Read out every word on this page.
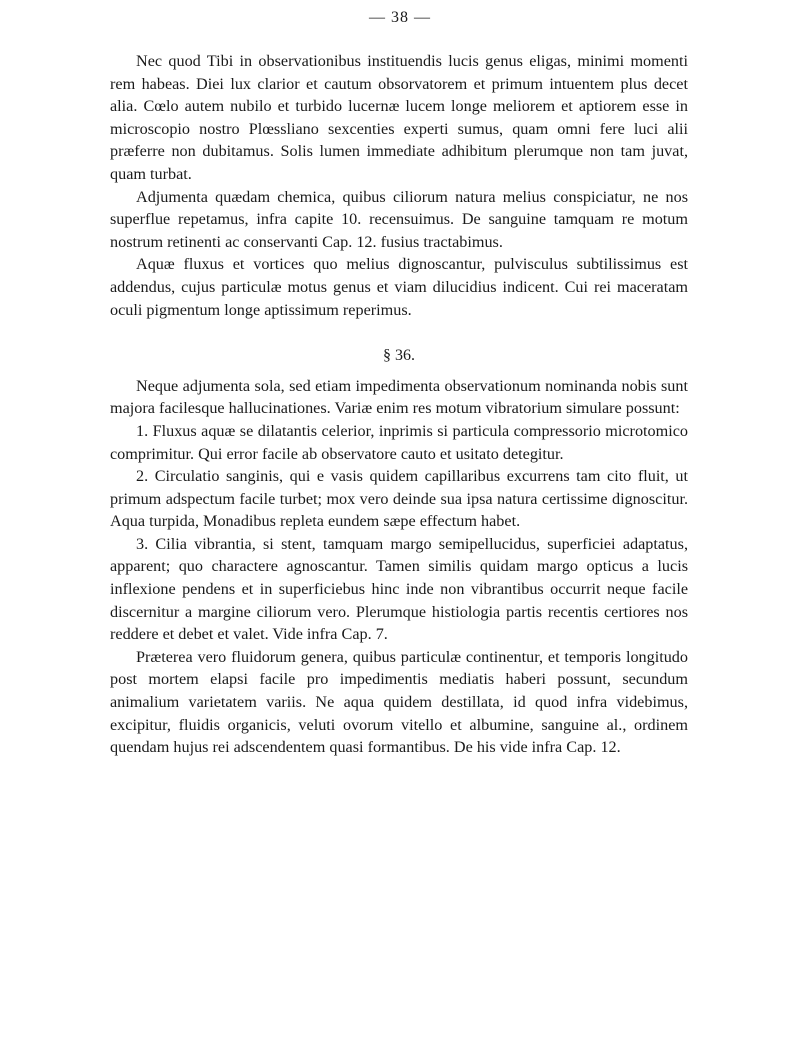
— 38 —

Nec quod Tibi in observationibus instituendis lucis genus eligas, minimi momenti rem habeas. Diei lux clarior et cautum obsorvatorem et primum intuentem plus decet alia. Cœlo autem nubilo et turbido lucernæ lucem longe meliorem et aptiorem esse in microscopio nostro Plœssliano sexcenties experti sumus, quam omni fere luci alii præferre non dubitamus. Solis lumen immediate adhibitum plerumque non tam juvat, quam turbat.

Adjumenta quædam chemica, quibus ciliorum natura melius conspiciatur, ne nos superflue repetamus, infra capite 10. recensuimus. De sanguine tamquam re motum nostrum retinenti ac conservanti Cap. 12. fusius tractabimus.

Aquæ fluxus et vortices quo melius dignoscantur, pulvisculus subtilissimus est addendus, cujus particulæ motus genus et viam dilucidius indicent. Cui rei maceratam oculi pigmentum longe aptissimum reperimus.

§ 36.

Neque adjumenta sola, sed etiam impedimenta observationum nominanda nobis sunt majora facilesque hallucinationes. Variæ enim res motum vibratorium simulare possunt:

1. Fluxus aquæ se dilatantis celerior, inprimis si particula compressorio microtomico comprimitur. Qui error facile ab observatore cauto et usitato detegitur.

2. Circulatio sanginis, qui e vasis quidem capillaribus excurrens tam cito fluit, ut primum adspectum facile turbet; mox vero deinde sua ipsa natura certissime dignoscitur. Aqua turpida, Monadibus repleta eundem sæpe effectum habet.

3. Cilia vibrantia, si stent, tamquam margo semipellucidus, superficiei adaptatus, apparent; quo charactere agnoscantur. Tamen similis quidam margo opticus a lucis inflexione pendens et in superficiebus hinc inde non vibrantibus occurrit neque facile discernitur a margine ciliorum vero. Plerumque histiologia partis recentis certiores nos reddere et debet et valet. Vide infra Cap. 7.

Præterea vero fluidorum genera, quibus particulæ continentur, et temporis longitudo post mortem elapsi facile pro impedimentis mediatis haberi possunt, secundum animalium varietatem variis. Ne aqua quidem destillata, id quod infra videbimus, excipitur, fluidis organicis, veluti ovorum vitello et albumine, sanguine al., ordinem quendam hujus rei adscendentem quasi formantibus. De his vide infra Cap. 12.
